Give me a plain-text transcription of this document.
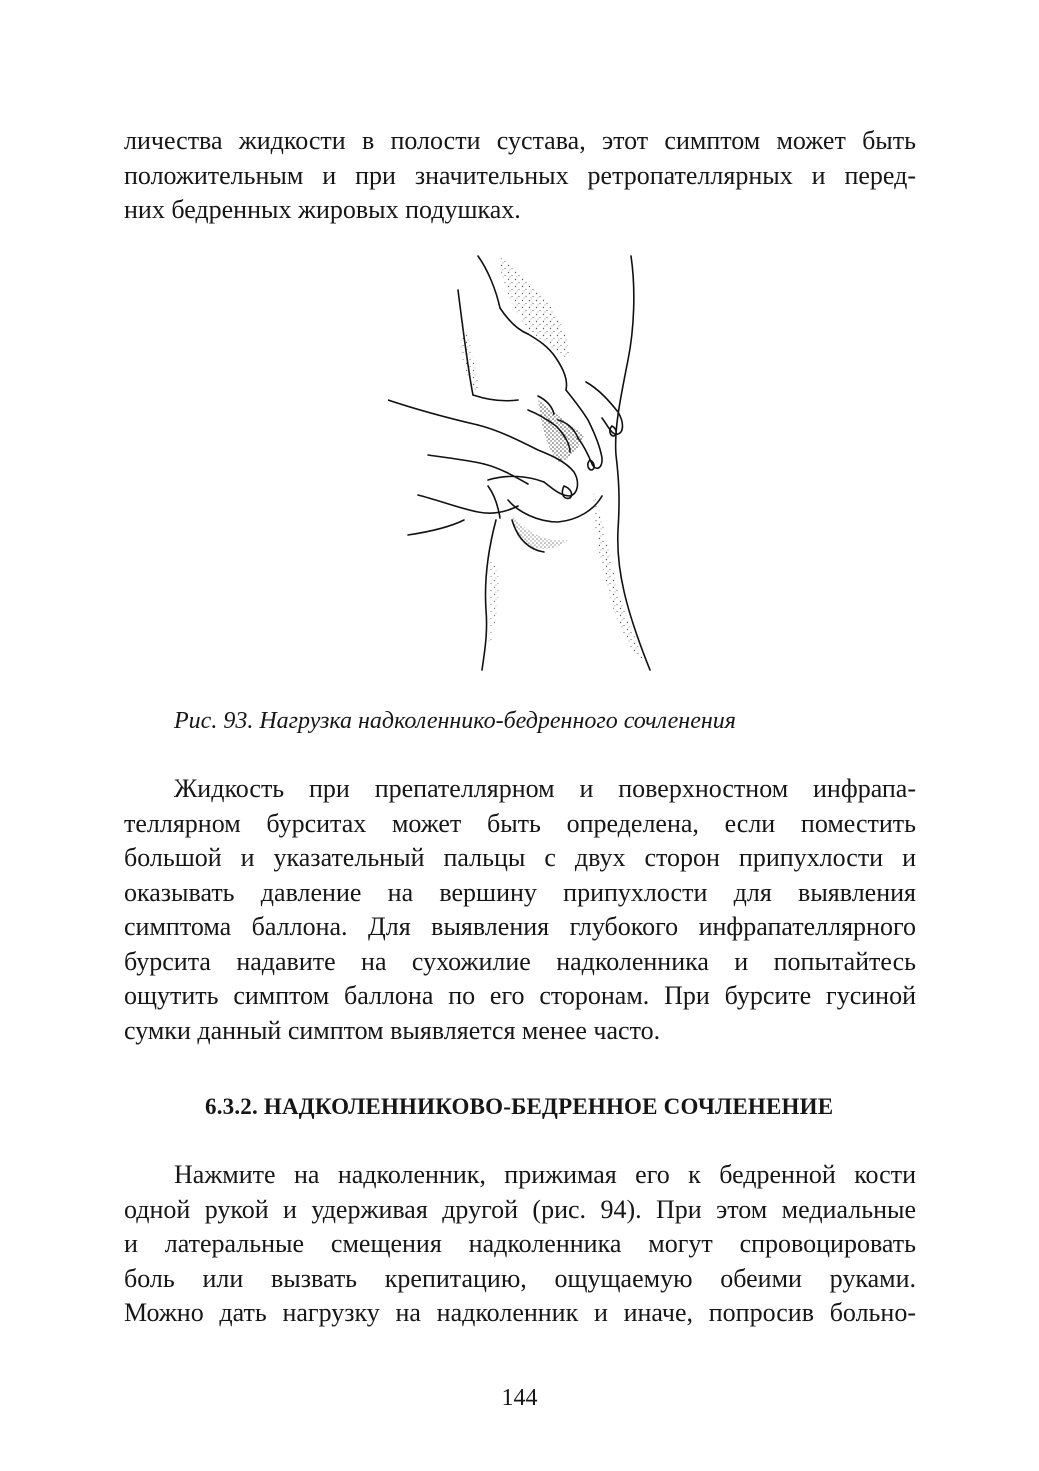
личества жидкости в полости сустава, этот симптом может быть
положительным и при значительных ретропателлярных и перед-
них бедренных жировых подушках.
Рис. 93. Нагрузка надколеннико-бедренного сочленения
Жидкость при препателлярном и поверхностном инфрапа-
теллярном бурситах может быть определена, если поместить
большой и указательный пальцы с двух сторон припухлости и
оказывать давление на вершину припухлости для выявления
симптома баллона. Для выявления глубокого инфрапателлярного
бурсита надавите на сухожилие надколенника и попытайтесь
ощутить симптом баллона по его сторонам. При бурсите гусиной
сумки данный симптом выявляется менее часто.
6.3.2. НАДКОЛЕННИКОВО-БЕДРЕННОЕ СОЧЛЕНЕНИЕ
Нажмите на надколенник, прижимая его к бедренной кости
одной рукой и удерживая другой (рис. 94). При этом медиальные
и латеральные смещения надколенника могут спровоцировать
боль или вызвать крепитацию, ощущаемую обеими руками.
Можно дать нагрузку на надколенник и иначе, попросив больно-
144
